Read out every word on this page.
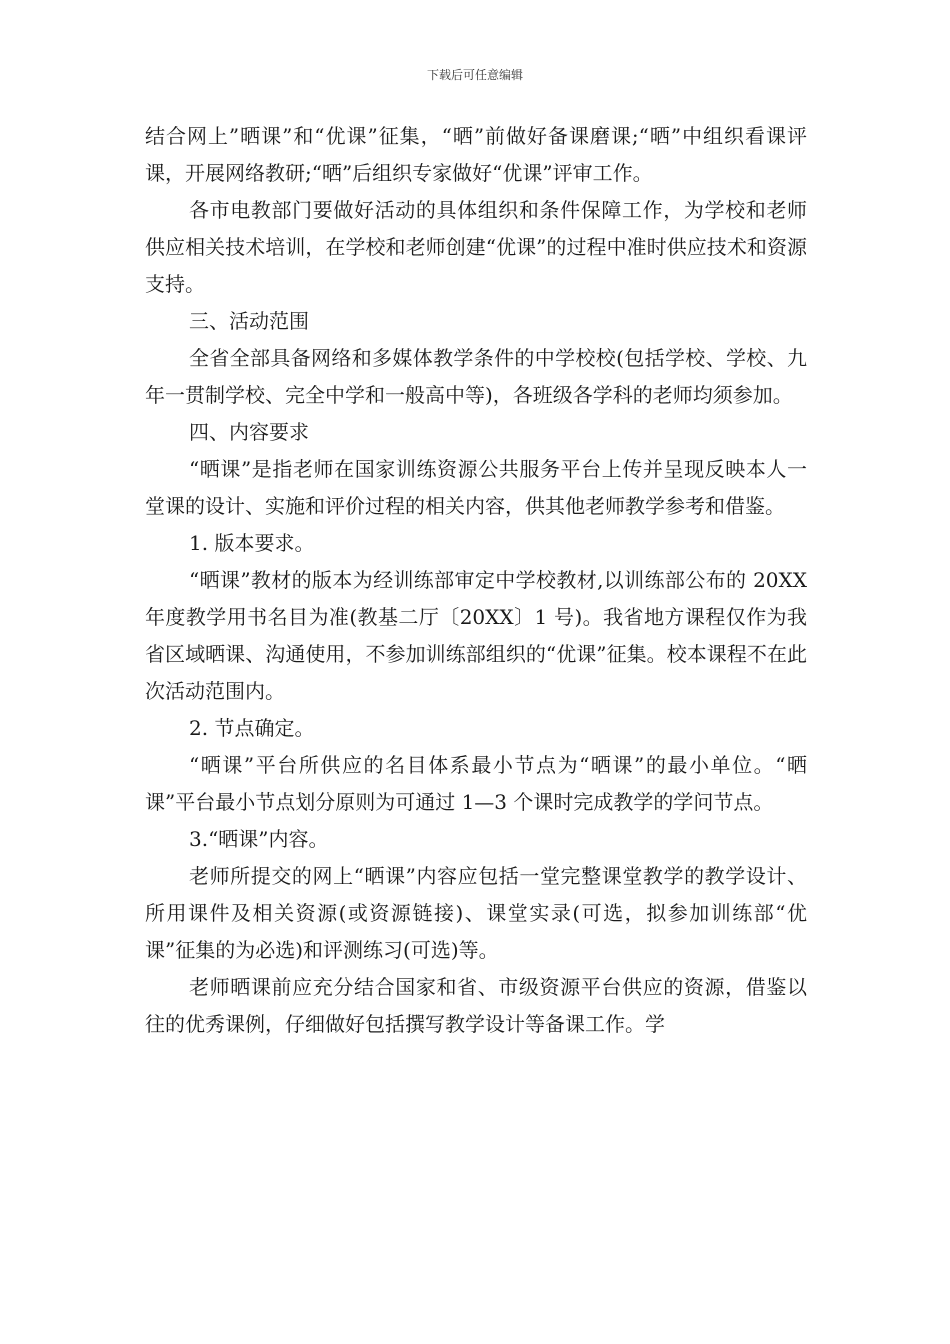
下载后可任意编辑

结合网上”晒课”和“优课”征集，“晒”前做好备课磨课;“晒”中组织看课评课，开展网络教研;“晒”后组织专家做好“优课”评审工作。

各市电教部门要做好活动的具体组织和条件保障工作，为学校和老师供应相关技术培训，在学校和老师创建“优课”的过程中准时供应技术和资源支持。

三、活动范围

全省全部具备网络和多媒体教学条件的中学校校(包括学校、学校、九年一贯制学校、完全中学和一般高中等)，各班级各学科的老师均须参加。

四、内容要求

“晒课”是指老师在国家训练资源公共服务平台上传并呈现反映本人一堂课的设计、实施和评价过程的相关内容，供其他老师教学参考和借鉴。

1. 版本要求。

“晒课”教材的版本为经训练部审定中学校教材,以训练部公布的 20XX 年度教学用书名目为准(教基二厅〔20XX〕1 号)。我省地方课程仅作为我省区域晒课、沟通使用，不参加训练部组织的“优课”征集。校本课程不在此次活动范围内。

2. 节点确定。

“晒课”平台所供应的名目体系最小节点为“晒课”的最小单位。“晒课”平台最小节点划分原则为可通过 1—3 个课时完成教学的学问节点。

3.“晒课”内容。

老师所提交的网上“晒课”内容应包括一堂完整课堂教学的教学设计、所用课件及相关资源(或资源链接)、课堂实录(可选，拟参加训练部“优课”征集的为必选)和评测练习(可选)等。

老师晒课前应充分结合国家和省、市级资源平台供应的资源，借鉴以往的优秀课例，仔细做好包括撰写教学设计等备课工作。学
